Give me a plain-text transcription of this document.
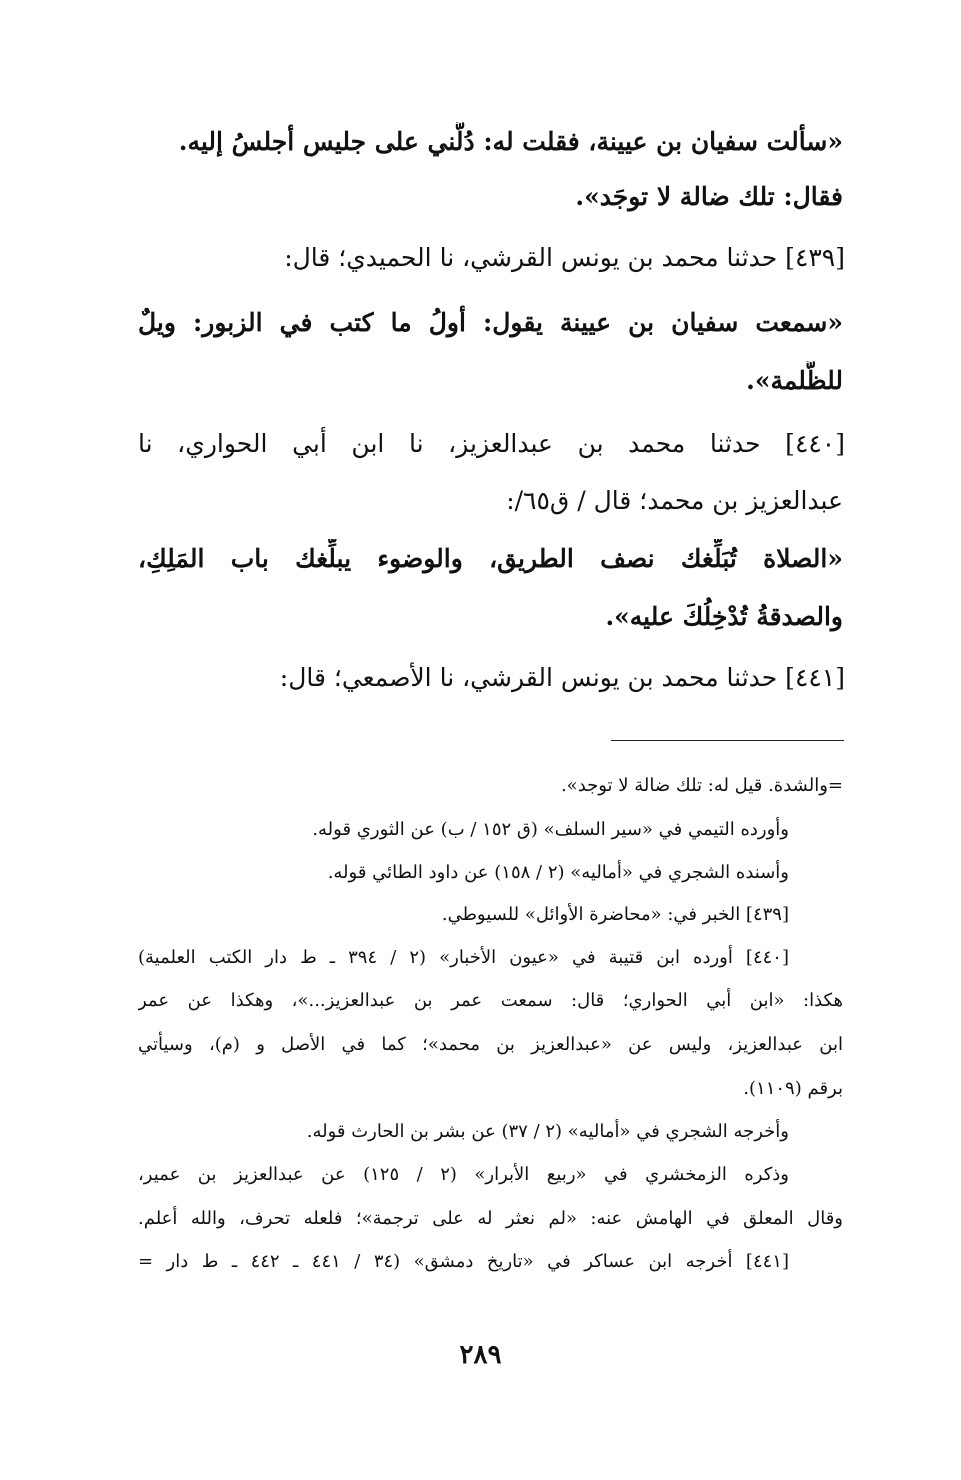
«سألت سفيان بن عيينة، فقلت له: دُلَّني على جليس أجلسُ إليه.
فقال: تلك ضالة لا توجَد».
[٤٣٩] حدثنا محمد بن يونس القرشي، نا الحميدي؛ قال:
«سمعت سفيان بن عيينة يقول: أولُ ما كتب في الزبور: ويلٌ
للظَّلمة».
[٤٤٠] حدثنا محمد بن عبدالعزيز، نا ابن أبي الحواري، نا
عبدالعزيز بن محمد؛ قال / ق٦٥/:
«الصلاة تُبَلِّغك نصف الطريق، والوضوء يبلِّغك باب المَلِكِ،
والصدقةُ تُدْخِلُكَ عليه».
[٤٤١] حدثنا محمد بن يونس القرشي، نا الأصمعي؛ قال:
=والشدة. قيل له: تلك ضالة لا توجد».
وأورده التيمي في «سير السلف» (ق ١٥٢ / ب) عن الثوري قوله.
وأسنده الشجري في «أماليه» (٢ / ١٥٨) عن داود الطائي قوله.
[٤٣٩] الخبر في: «محاضرة الأوائل» للسيوطي.
[٤٤٠] أورده ابن قتيبة في «عيون الأخبار» (٢ / ٣٩٤ ـ ط دار الكتب العلمية)
هكذا: «ابن أبي الحواري؛ قال: سمعت عمر بن عبدالعزيز...»، وهكذا عن عمر
ابن عبدالعزيز، وليس عن «عبدالعزيز بن محمد»؛ كما في الأصل و (م)، وسيأتي
برقم (١١٠٩).
وأخرجه الشجري في «أماليه» (٢ / ٣٧) عن بشر بن الحارث قوله.
وذكره الزمخشري في «ربيع الأبرار» (٢ / ١٢٥) عن عبدالعزيز بن عمير،
وقال المعلق في الهامش عنه: «لم نعثر له على ترجمة»؛ فلعله تحرف، والله أعلم.
[٤٤١] أخرجه ابن عساكر في «تاريخ دمشق» (٣٤ / ٤٤١ ـ ٤٤٢ ـ ط دار =
٢٨٩
